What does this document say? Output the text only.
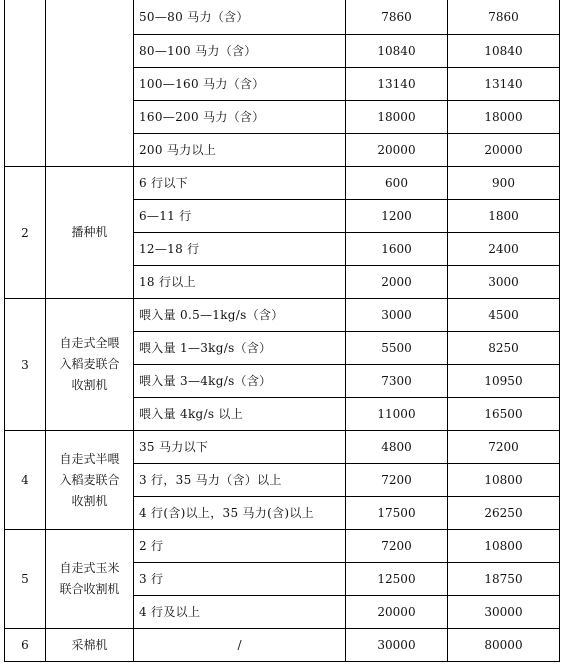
		50—80 马力（含）	7860	7860
		80—100 马力（含）	10840	10840
		100—160 马力（含）	13140	13140
		160—200 马力（含）	18000	18000
		200 马力以上	20000	20000
2	播种机	6 行以下	600	900
		6—11 行	1200	1800
		12—18 行	1600	2400
		18 行以上	2000	3000
3	自走式全喂入稻麦联合收割机	喂入量 0.5—1kg/s（含）	3000	4500
		喂入量 1—3kg/s（含）	5500	8250
		喂入量 3—4kg/s（含）	7300	10950
		喂入量 4kg/s 以上	11000	16500
4	自走式半喂入稻麦联合收割机	35 马力以下	4800	7200
		3 行，35 马力（含）以上	7200	10800
		4 行(含)以上，35 马力(含)以上	17500	26250
5	自走式玉米联合收割机	2 行	7200	10800
		3 行	12500	18750
		4 行及以上	20000	30000
6	采棉机	/	30000	80000
